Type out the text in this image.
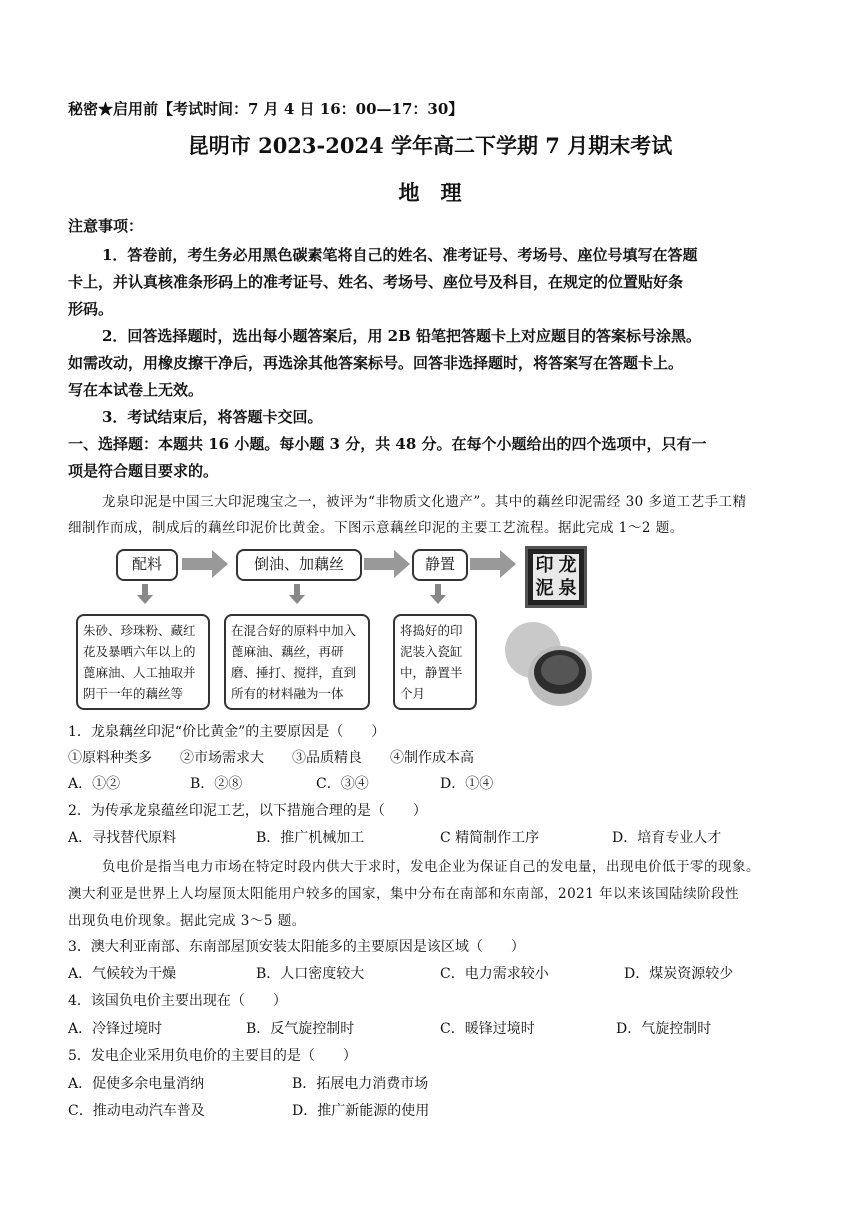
秘密★启用前【考试时间：7 月 4 日 16：00—17：30】
昆明市 2023-2024 学年高二下学期 7 月期末考试
地　理
注意事项：
1．答卷前，考生务必用黑色碳素笔将自己的姓名、准考证号、考场号、座位号填写在答题
卡上，并认真核准条形码上的准考证号、姓名、考场号、座位号及科目，在规定的位置贴好条
形码。
2．回答选择题时，选出每小题答案后，用 2B 铅笔把答题卡上对应题目的答案标号涂黑。
如需改动，用橡皮擦干净后，再选涂其他答案标号。回答非选择题时，将答案写在答题卡上。
写在本试卷上无效。
3．考试结束后，将答题卡交回。
一、选择题：本题共 16 小题。每小题 3 分，共 48 分。在每个小题给出的四个选项中，只有一
项是符合题目要求的。
龙泉印泥是中国三大印泥瑰宝之一，被评为“非物质文化遗产”。其中的藕丝印泥需经 30 多道工艺手工精
细制作而成，制成后的藕丝印泥价比黄金。下图示意藕丝印泥的主要工艺流程。据此完成 1～2 题。
配料	倒油、加藕丝	静置	印 龙
泥 泉
朱砂、珍珠粉、藏红花及暴晒六年以上的蓖麻油、人工抽取并阴干一年的藕丝等
在混合好的原料中加入蓖麻油、藕丝，再研磨、捶打、搅拌，直到所有的材料融为一体
将捣好的印泥装入瓷缸中，静置半个月
1．龙泉藕丝印泥“价比黄金”的主要原因是（　　）
①原料种类多　　②市场需求大　　③品质精良　　④制作成本高
A．①②	B．②⑧	C．③④	D．①④
2．为传承龙泉蕴丝印泥工艺，以下措施合理的是（　　）
A．寻找替代原料	B．推广机械加工	C 精简制作工序	D．培育专业人才
负电价是指当电力市场在特定时段内供大于求时，发电企业为保证自己的发电量，出现电价低于零的现象。
澳大利亚是世界上人均屋顶太阳能用户较多的国家，集中分布在南部和东南部，2021 年以来该国陆续阶段性
出现负电价现象。据此完成 3～5 题。
3．澳大利亚南部、东南部屋顶安装太阳能多的主要原因是该区域（　　）
A．气候较为干燥	B．人口密度较大	C．电力需求较小	D．煤炭资源较少
4．该国负电价主要出现在（　　）
A．冷锋过境时	B．反气旋控制时	C．暖锋过境时	D．气旋控制时
5．发电企业采用负电价的主要目的是（　　）
A．促使多余电量消纳	B．拓展电力消费市场
C．推动电动汽车普及	D．推广新能源的使用
